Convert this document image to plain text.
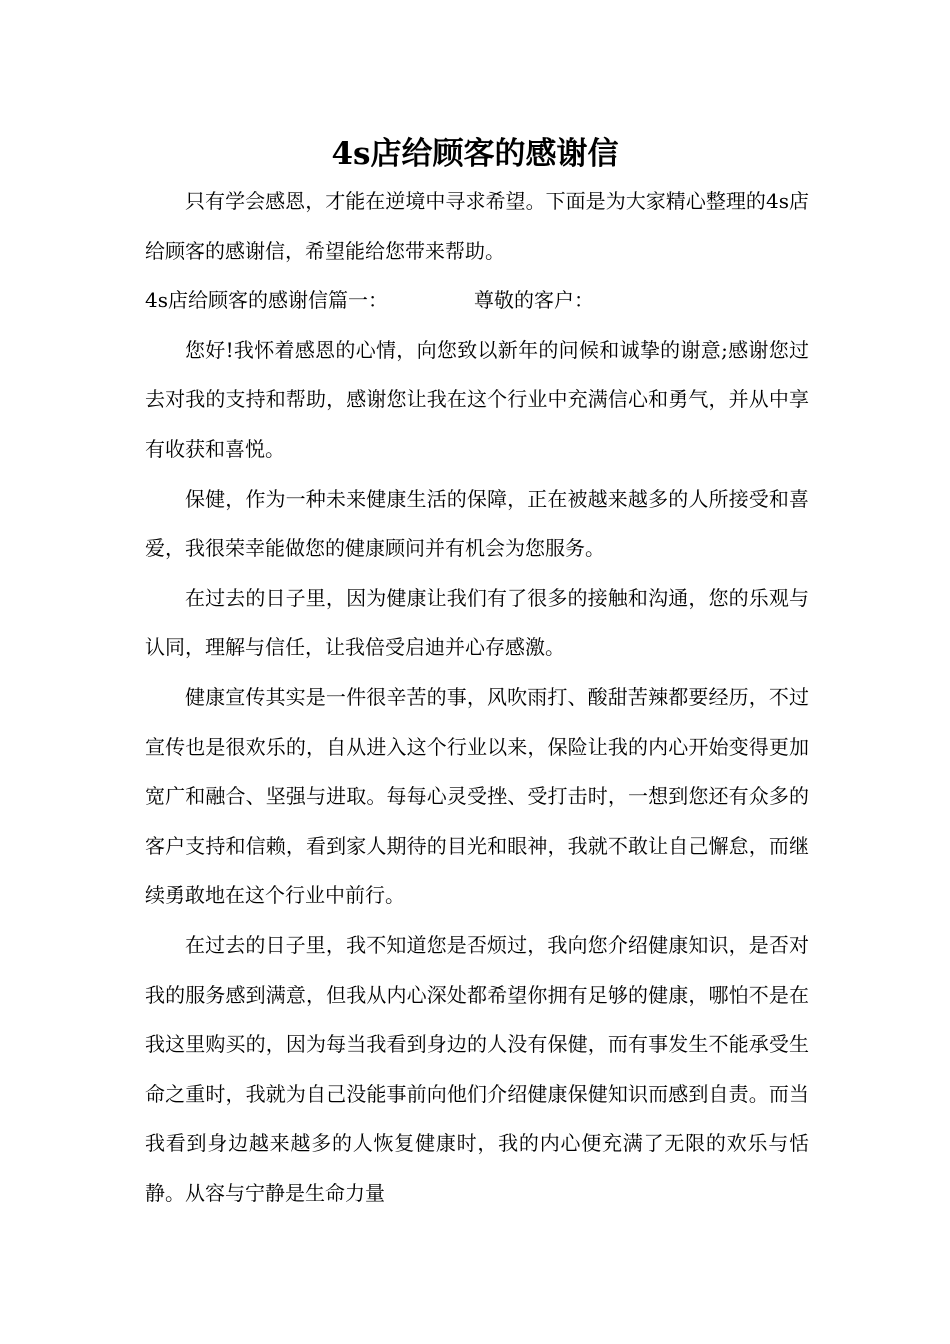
4s店给顾客的感谢信

只有学会感恩，才能在逆境中寻求希望。下面是为大家精心整理的4s店给顾客的感谢信，希望能给您带来帮助。

4s店给顾客的感谢信篇一：	尊敬的客户：

您好!我怀着感恩的心情，向您致以新年的问候和诚挚的谢意;感谢您过去对我的支持和帮助，感谢您让我在这个行业中充满信心和勇气，并从中享有收获和喜悦。

保健，作为一种未来健康生活的保障，正在被越来越多的人所接受和喜爱，我很荣幸能做您的健康顾问并有机会为您服务。

在过去的日子里，因为健康让我们有了很多的接触和沟通，您的乐观与认同，理解与信任，让我倍受启迪并心存感激。

健康宣传其实是一件很辛苦的事，风吹雨打、酸甜苦辣都要经历，不过宣传也是很欢乐的，自从进入这个行业以来，保险让我的内心开始变得更加宽广和融合、坚强与进取。每每心灵受挫、受打击时，一想到您还有众多的客户支持和信赖，看到家人期待的目光和眼神，我就不敢让自己懈怠，而继续勇敢地在这个行业中前行。

在过去的日子里，我不知道您是否烦过，我向您介绍健康知识，是否对我的服务感到满意，但我从内心深处都希望你拥有足够的健康，哪怕不是在我这里购买的，因为每当我看到身边的人没有保健，而有事发生不能承受生命之重时，我就为自己没能事前向他们介绍健康保健知识而感到自责。而当我看到身边越来越多的人恢复健康时，我的内心便充满了无限的欢乐与恬静。从容与宁静是生命力量
